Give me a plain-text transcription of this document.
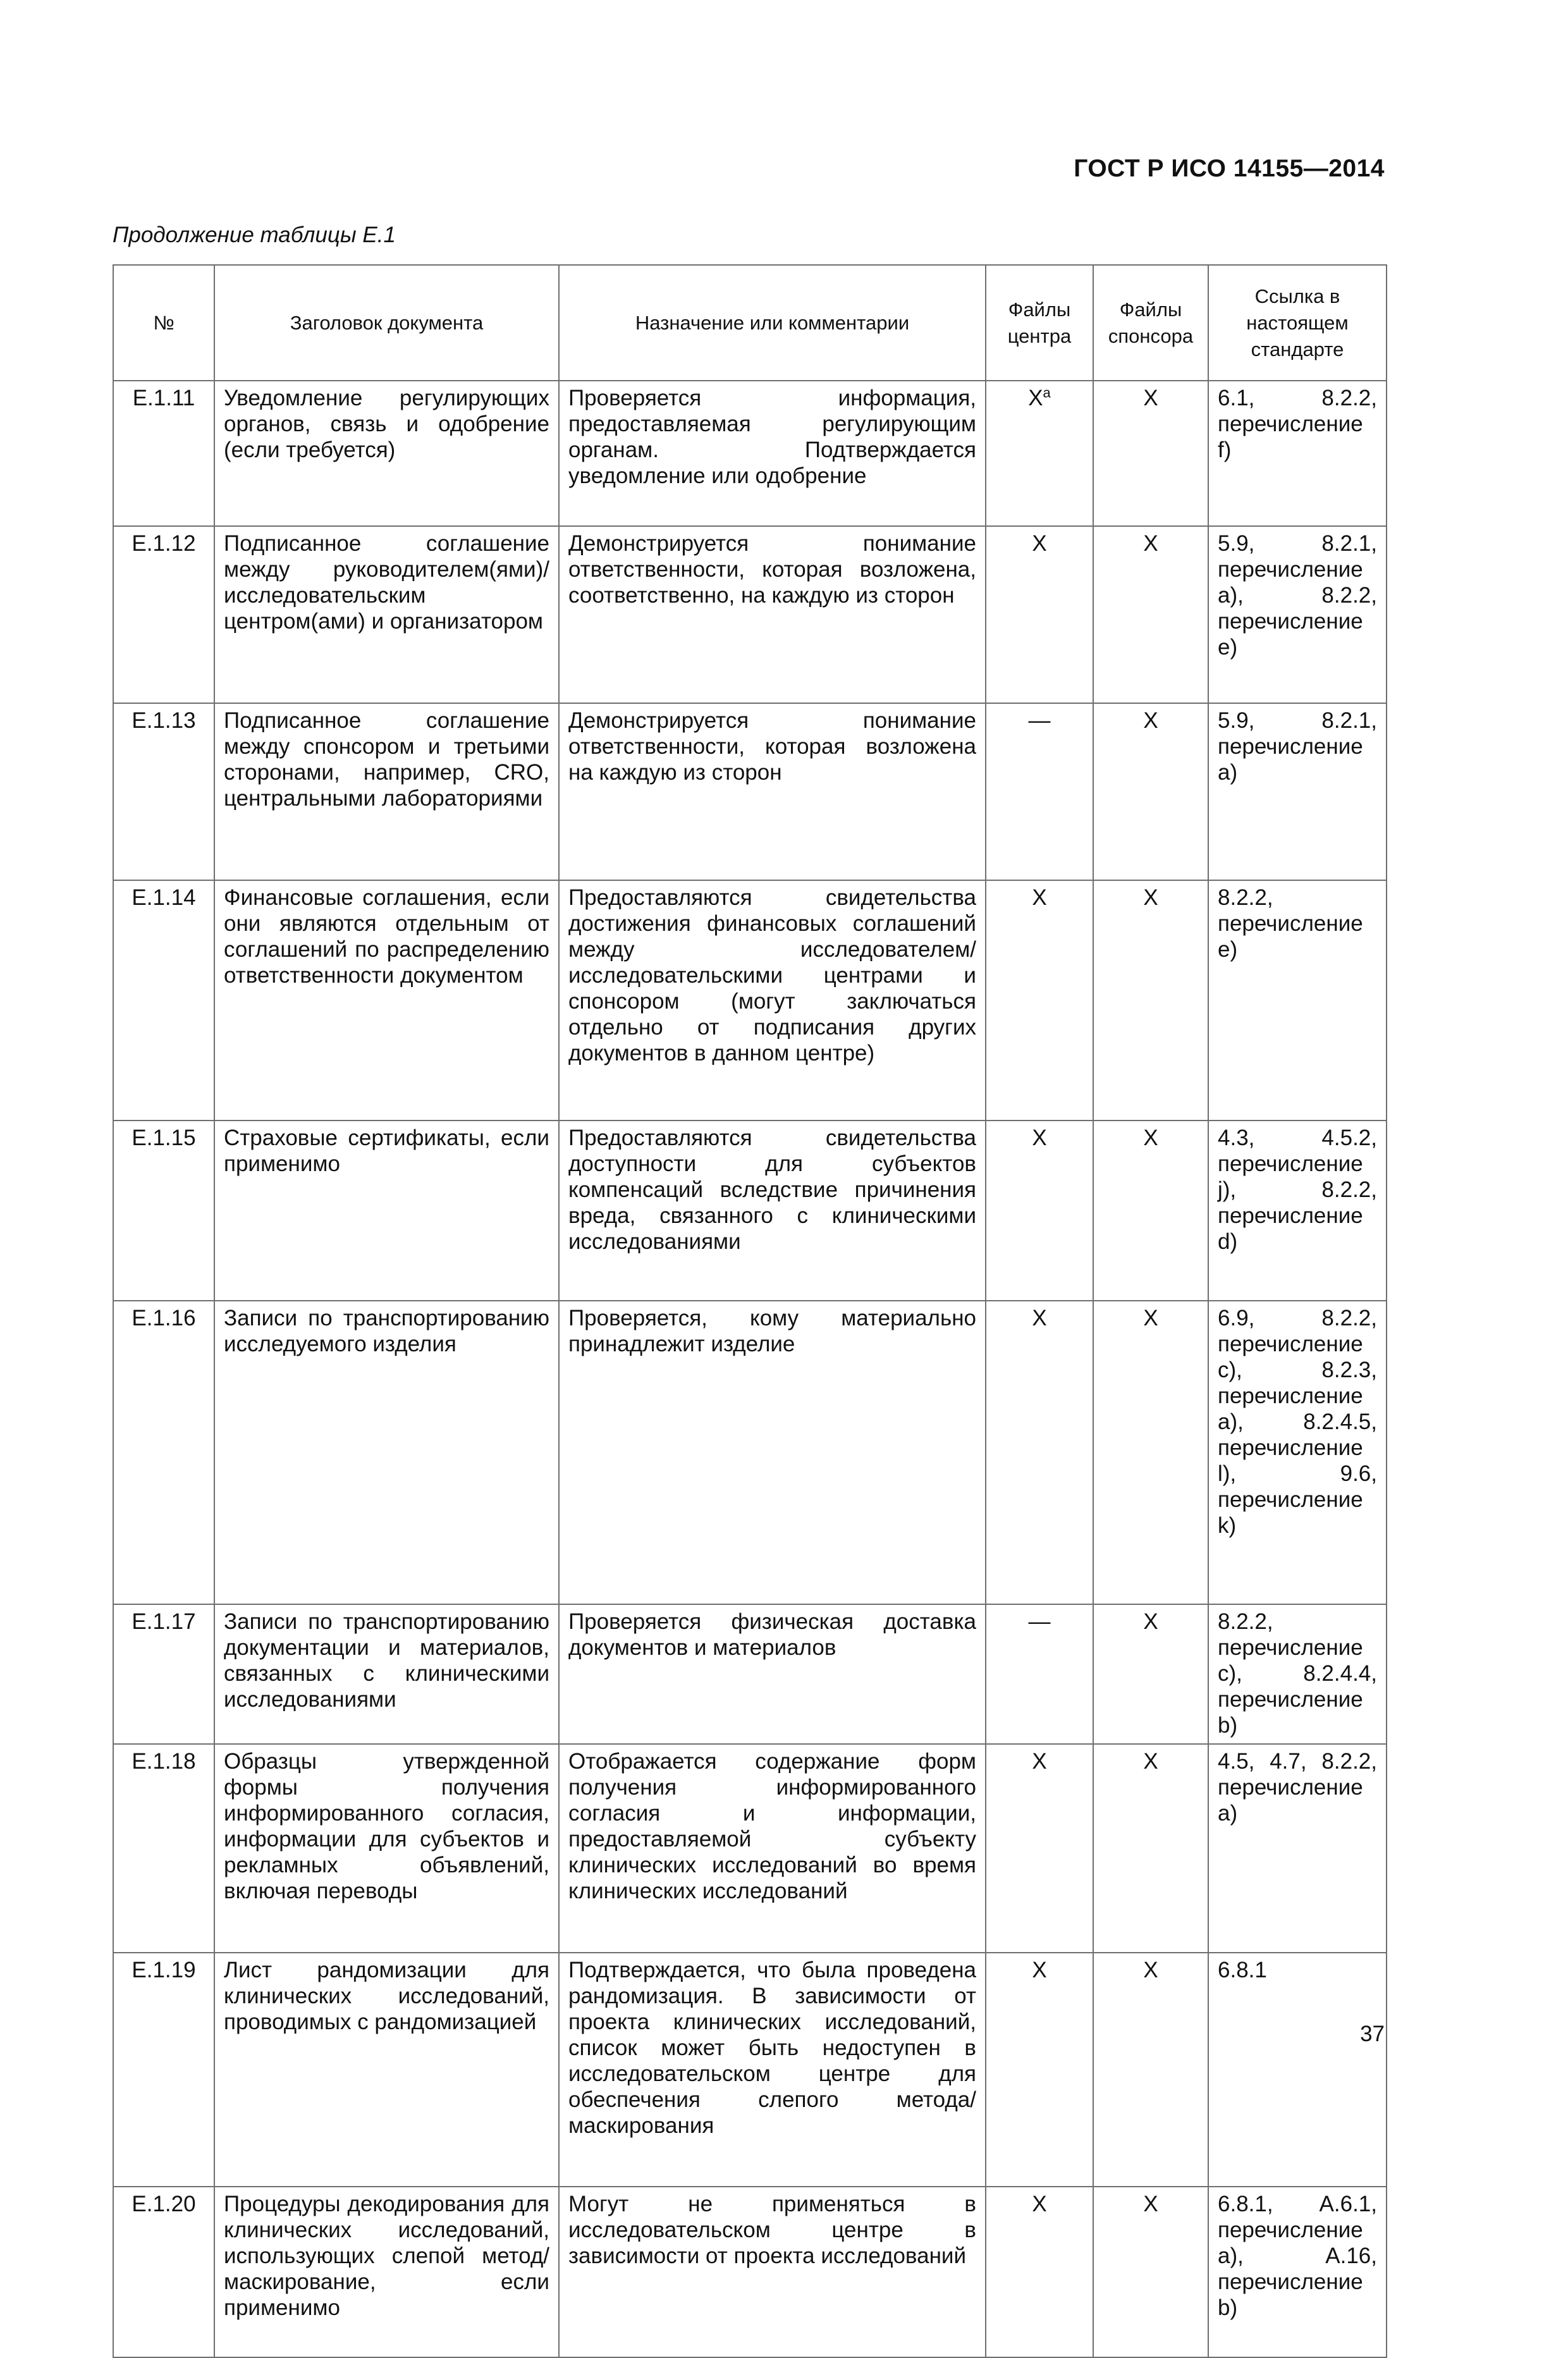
ГОСТ Р ИСО 14155—2014
Продолжение таблицы Е.1
№	Заголовок документа	Назначение или комментарии	Файлы центра	Файлы спонсора	Ссылка в настоящем стандарте
E.1.11	Уведомление регулирующих органов, связь и одобрение (если требуется)	Проверяется информация, предоставляемая регулирующим органам. Подтверждается уведомление или одобрение	$X^a$	X	6.1, 8.2.2, перечисление f)
E.1.12	Подписанное соглашение между руководителем(ями)/ исследовательским центром(ами) и организатором	Демонстрируется понимание ответственности, которая возложена, соответственно, на каждую из сторон	X	X	5.9, 8.2.1, перечисление а), 8.2.2, перечисление е)
E.1.13	Подписанное соглашение между спонсором и третьими сторонами, например, CRO, центральными лабораториями	Демонстрируется понимание ответственности, которая возложена на каждую из сторон	—	X	5.9, 8.2.1, перечисление а)
E.1.14	Финансовые соглашения, если они являются отдельным от соглашений по распределению ответственности документом	Предоставляются свидетельства достижения финансовых соглашений между исследователем/ исследовательскими центрами и спонсором (могут заключаться отдельно от подписания других документов в данном центре)	X	X	8.2.2, перечисление е)
E.1.15	Страховые сертификаты, если применимо	Предоставляются свидетельства доступности для субъектов компенсаций вследствие причинения вреда, связанного с клиническими исследованиями	X	X	4.3, 4.5.2, перечисление j), 8.2.2, перечисление d)
E.1.16	Записи по транспортированию исследуемого изделия	Проверяется, кому материально принадлежит изделие	X	X	6.9, 8.2.2, перечисление с), 8.2.3, перечисление а), 8.2.4.5, перечисление l), 9.6, перечисление k)
E.1.17	Записи по транспортированию документации и материалов, связанных с клиническими исследованиями	Проверяется физическая доставка документов и материалов	—	X	8.2.2, перечисление с), 8.2.4.4, перечисление b)
E.1.18	Образцы утвержденной формы получения информированного согласия, информации для субъектов и рекламных объявлений, включая переводы	Отображается содержание форм получения информированного согласия и информации, предоставляемой субъекту клинических исследований во время клинических исследований	X	X	4.5, 4.7, 8.2.2, перечисление а)
E.1.19	Лист рандомизации для клинических исследований, проводимых с рандомизацией	Подтверждается, что была проведена рандомизация. В зависимости от проекта клинических исследований, список может быть недоступен в исследовательском центре для обеспечения слепого метода/маскирования	X	X	6.8.1
E.1.20	Процедуры декодирования для клинических исследований, использующих слепой метод/ маскирование, если применимо	Могут не применяться в исследовательском центре в зависимости от проекта исследований	X	X	6.8.1, А.6.1, перечисление а), А.16, перечисление b)
37
